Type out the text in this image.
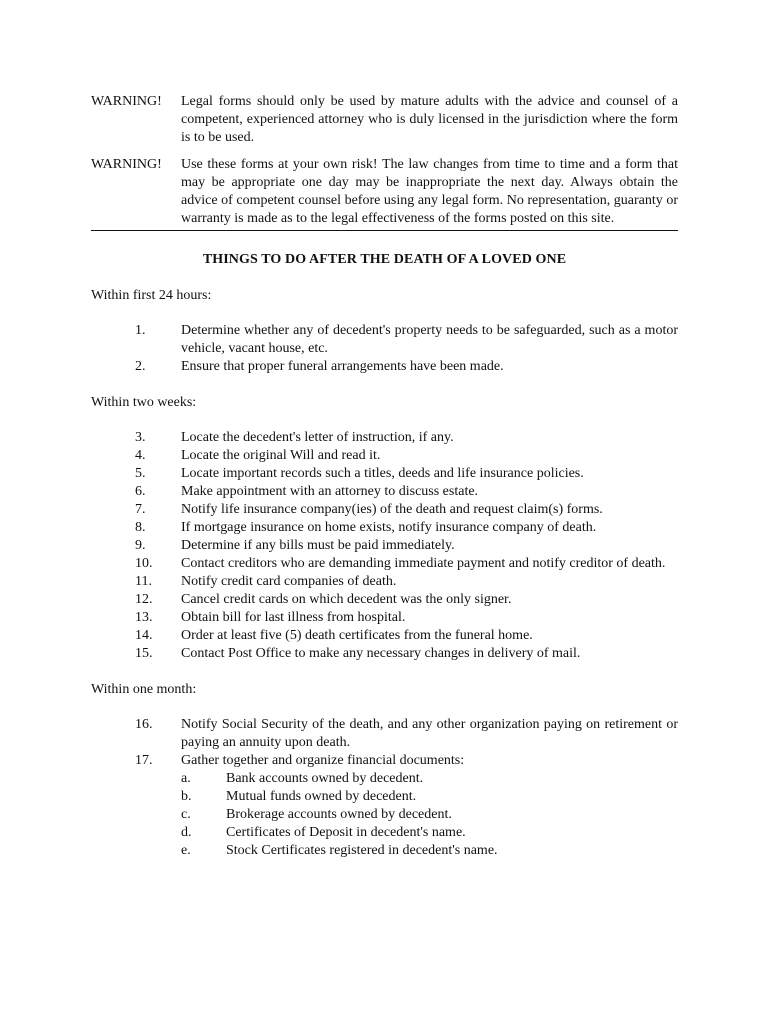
WARNING!	Legal forms should only be used by mature adults with the advice and counsel of a competent, experienced attorney who is duly licensed in the jurisdiction where the form is to be used.
WARNING!	Use these forms at your own risk! The law changes from time to time and a form that may be appropriate one day may be inappropriate the next day. Always obtain the advice of competent counsel before using any legal form. No representation, guaranty or warranty is made as to the legal effectiveness of the forms posted on this site.
THINGS TO DO AFTER THE DEATH OF A LOVED ONE
Within first 24 hours:
1.	Determine whether any of decedent's property needs to be safeguarded, such as a motor vehicle, vacant house, etc.
2.	Ensure that proper funeral arrangements have been made.
Within two weeks:
3.	Locate the decedent's letter of instruction, if any.
4.	Locate the original Will and read it.
5.	Locate important records such a titles, deeds and life insurance policies.
6.	Make appointment with an attorney to discuss estate.
7.	Notify life insurance company(ies) of the death and request claim(s) forms.
8.	If mortgage insurance on home exists, notify insurance company of death.
9.	Determine if any bills must be paid immediately.
10.	Contact creditors who are demanding immediate payment and notify creditor of death.
11.	Notify credit card companies of death.
12.	Cancel credit cards on which decedent was the only signer.
13.	Obtain bill for last illness from hospital.
14.	Order at least five (5) death certificates from the funeral home.
15.	Contact Post Office to make any necessary changes in delivery of mail.
Within one month:
16.	Notify Social Security of the death, and any other organization paying on retirement or paying an annuity upon death.
17.	Gather together and organize financial documents:
a.	Bank accounts owned by decedent.
b.	Mutual funds owned by decedent.
c.	Brokerage accounts owned by decedent.
d.	Certificates of Deposit in decedent's name.
e.	Stock Certificates registered in decedent's name.
